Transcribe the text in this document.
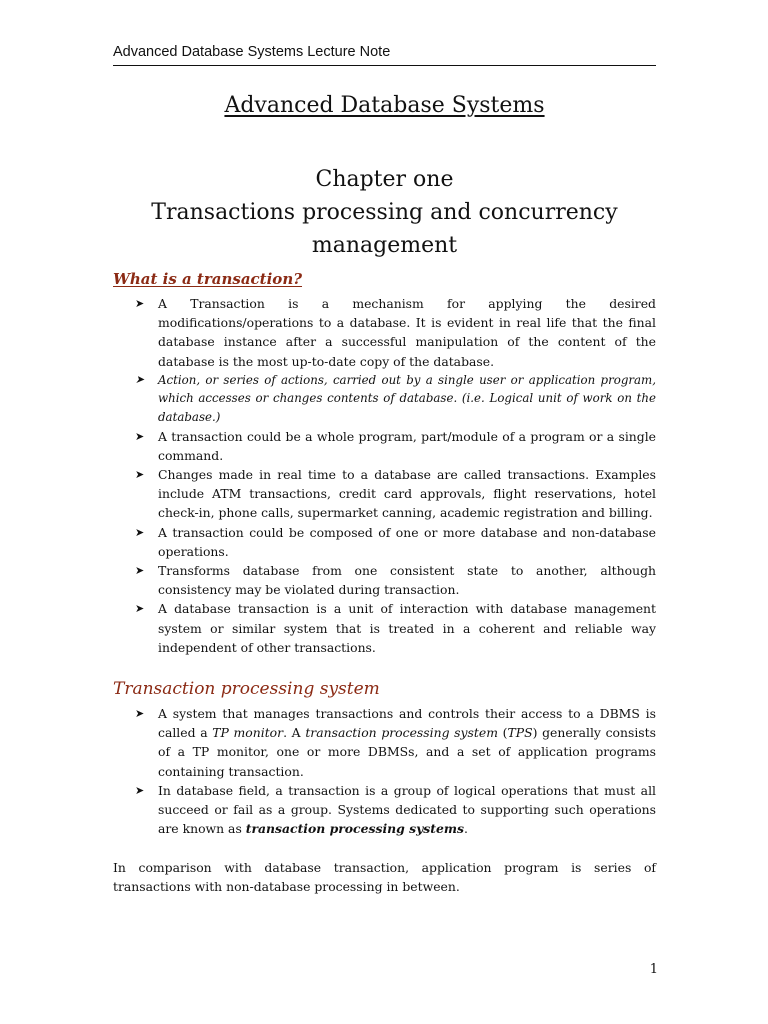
Advanced Database Systems Lecture Note
Advanced Database Systems
Chapter one
Transactions processing and concurrency
management
What is a transaction?
➤ A Transaction is a mechanism for applying the desired modifications/operations to a database. It is evident in real life that the final database instance after a successful manipulation of the content of the database is the most up-to-date copy of the database.
➤ Action, or series of actions, carried out by a single user or application program, which accesses or changes contents of database. (i.e. Logical unit of work on the database.)
➤ A transaction could be a whole program, part/module of a program or a single command.
➤ Changes made in real time to a database are called transactions. Examples include ATM transactions, credit card approvals, flight reservations, hotel check-in, phone calls, supermarket canning, academic registration and billing.
➤ A transaction could be composed of one or more database and non-database operations.
➤ Transforms database from one consistent state to another, although consistency may be violated during transaction.
➤ A database transaction is a unit of interaction with database management system or similar system that is treated in a coherent and reliable way independent of other transactions.
Transaction processing system
➤ A system that manages transactions and controls their access to a DBMS is called a TP monitor. A transaction processing system (TPS) generally consists of a TP monitor, one or more DBMSs, and a set of application programs containing transaction.
➤ In database field, a transaction is a group of logical operations that must all succeed or fail as a group. Systems dedicated to supporting such operations are known as transaction processing systems.

In comparison with database transaction, application program is series of transactions with non-database processing in between.

1
